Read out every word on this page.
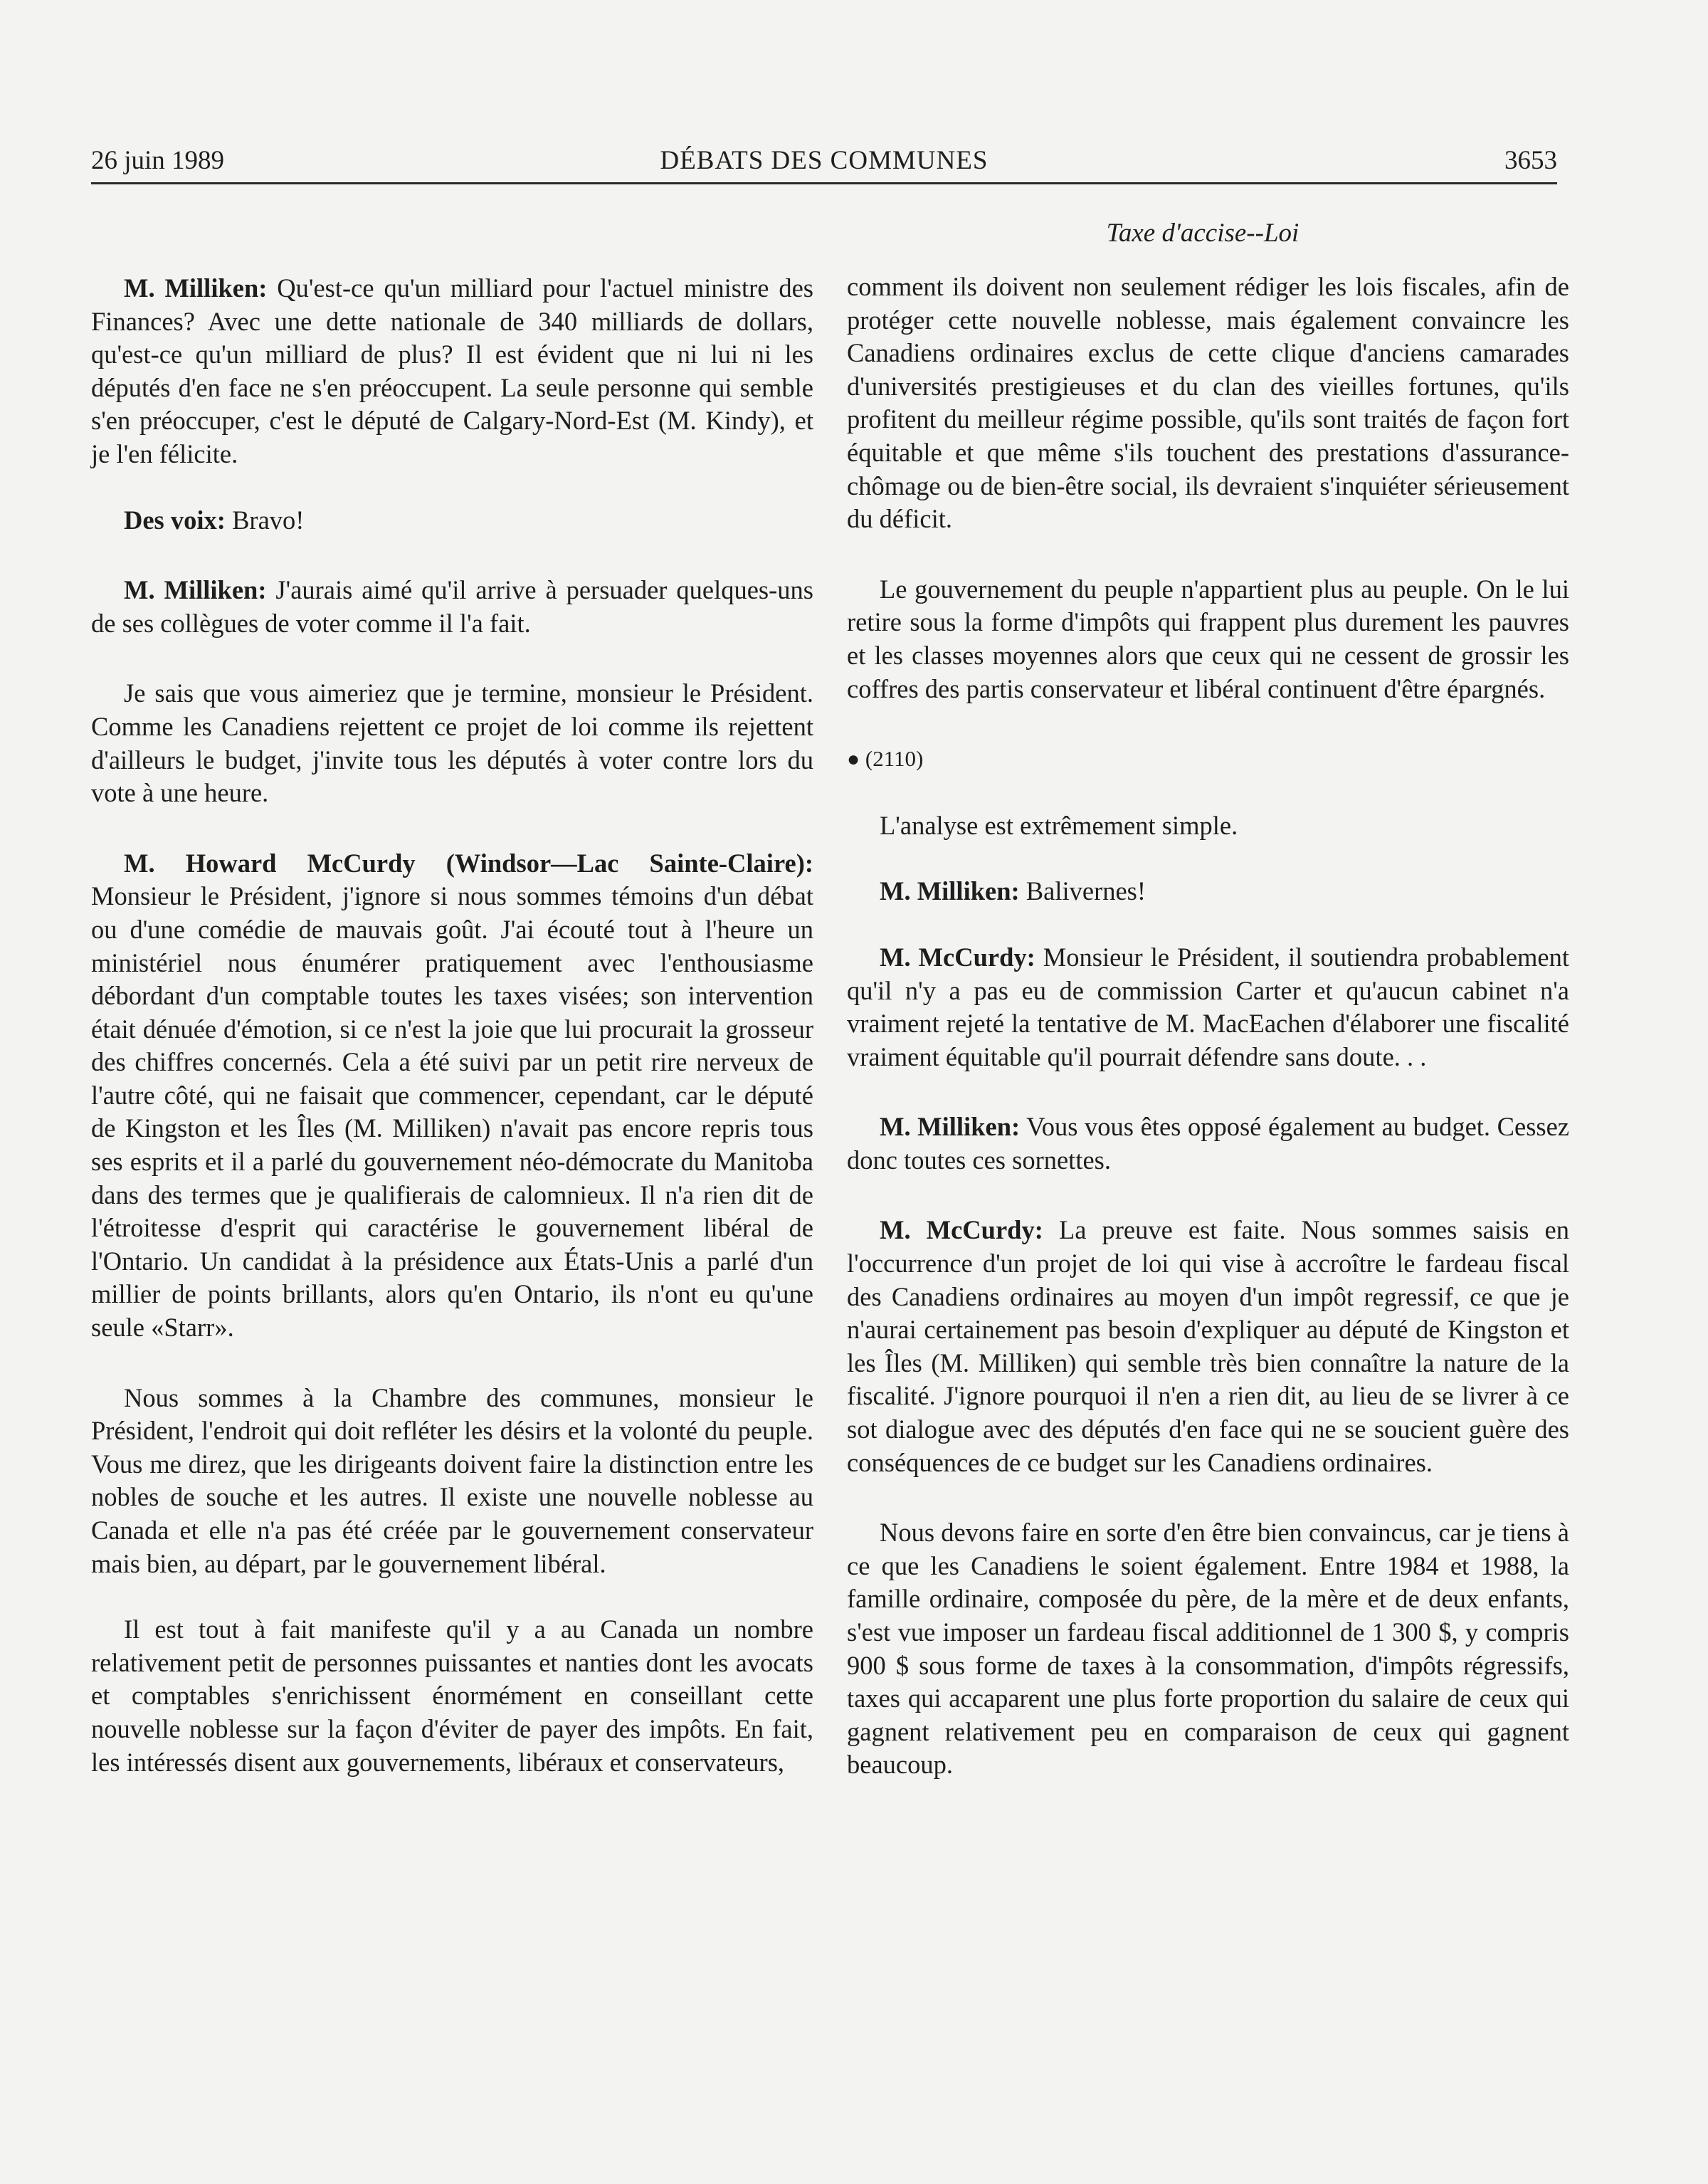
26 juin 1989	DÉBATS DES COMMUNES	3653
Taxe d'accise--Loi

M. Milliken: Qu'est-ce qu'un milliard pour l'actuel ministre des Finances? Avec une dette nationale de 340 milliards de dollars, qu'est-ce qu'un milliard de plus? Il est évident que ni lui ni les députés d'en face ne s'en préoccupent. La seule personne qui semble s'en préoccuper, c'est le député de Calgary-Nord-Est (M. Kindy), et je l'en félicite.

Des voix: Bravo!

M. Milliken: J'aurais aimé qu'il arrive à persuader quelques-uns de ses collègues de voter comme il l'a fait.

Je sais que vous aimeriez que je termine, monsieur le Président. Comme les Canadiens rejettent ce projet de loi comme ils rejettent d'ailleurs le budget, j'invite tous les députés à voter contre lors du vote à une heure.

M. Howard McCurdy (Windsor—Lac Sainte-Claire): Monsieur le Président, j'ignore si nous sommes témoins d'un débat ou d'une comédie de mauvais goût. J'ai écouté tout à l'heure un ministériel nous énumérer pratiquement avec l'enthousiasme débordant d'un comptable toutes les taxes visées; son intervention était dénuée d'émotion, si ce n'est la joie que lui procurait la grosseur des chiffres concernés. Cela a été suivi par un petit rire nerveux de l'autre côté, qui ne faisait que commencer, cependant, car le député de Kingston et les Îles (M. Milliken) n'avait pas encore repris tous ses esprits et il a parlé du gouvernement néo-démocrate du Manitoba dans des termes que je qualifierais de calomnieux. Il n'a rien dit de l'étroitesse d'esprit qui caractérise le gouvernement libéral de l'Ontario. Un candidat à la présidence aux États-Unis a parlé d'un millier de points brillants, alors qu'en Ontario, ils n'ont eu qu'une seule «Starr».

Nous sommes à la Chambre des communes, monsieur le Président, l'endroit qui doit refléter les désirs et la volonté du peuple. Vous me direz, que les dirigeants doivent faire la distinction entre les nobles de souche et les autres. Il existe une nouvelle noblesse au Canada et elle n'a pas été créée par le gouvernement conservateur mais bien, au départ, par le gouvernement libéral.

Il est tout à fait manifeste qu'il y a au Canada un nombre relativement petit de personnes puissantes et nanties dont les avocats et comptables s'enrichissent énormément en conseillant cette nouvelle noblesse sur la façon d'éviter de payer des impôts. En fait, les intéressés disent aux gouvernements, libéraux et conservateurs,

comment ils doivent non seulement rédiger les lois fiscales, afin de protéger cette nouvelle noblesse, mais également convaincre les Canadiens ordinaires exclus de cette clique d'anciens camarades d'universités prestigieuses et du clan des vieilles fortunes, qu'ils profitent du meilleur régime possible, qu'ils sont traités de façon fort équitable et que même s'ils touchent des prestations d'assurance-chômage ou de bien-être social, ils devraient s'inquiéter sérieusement du déficit.

Le gouvernement du peuple n'appartient plus au peuple. On le lui retire sous la forme d'impôts qui frappent plus durement les pauvres et les classes moyennes alors que ceux qui ne cessent de grossir les coffres des partis conservateur et libéral continuent d'être épargnés.

● (2110)

L'analyse est extrêmement simple.

M. Milliken: Balivernes!

M. McCurdy: Monsieur le Président, il soutiendra probablement qu'il n'y a pas eu de commission Carter et qu'aucun cabinet n'a vraiment rejeté la tentative de M. MacEachen d'élaborer une fiscalité vraiment équitable qu'il pourrait défendre sans doute. . .

M. Milliken: Vous vous êtes opposé également au budget. Cessez donc toutes ces sornettes.

M. McCurdy: La preuve est faite. Nous sommes saisis en l'occurrence d'un projet de loi qui vise à accroître le fardeau fiscal des Canadiens ordinaires au moyen d'un impôt regressif, ce que je n'aurai certainement pas besoin d'expliquer au député de Kingston et les Îles (M. Milliken) qui semble très bien connaître la nature de la fiscalité. J'ignore pourquoi il n'en a rien dit, au lieu de se livrer à ce sot dialogue avec des députés d'en face qui ne se soucient guère des conséquences de ce budget sur les Canadiens ordinaires.

Nous devons faire en sorte d'en être bien convaincus, car je tiens à ce que les Canadiens le soient également. Entre 1984 et 1988, la famille ordinaire, composée du père, de la mère et de deux enfants, s'est vue imposer un fardeau fiscal additionnel de 1 300 $, y compris 900 $ sous forme de taxes à la consommation, d'impôts régressifs, taxes qui accaparent une plus forte proportion du salaire de ceux qui gagnent relativement peu en comparaison de ceux qui gagnent beaucoup.
